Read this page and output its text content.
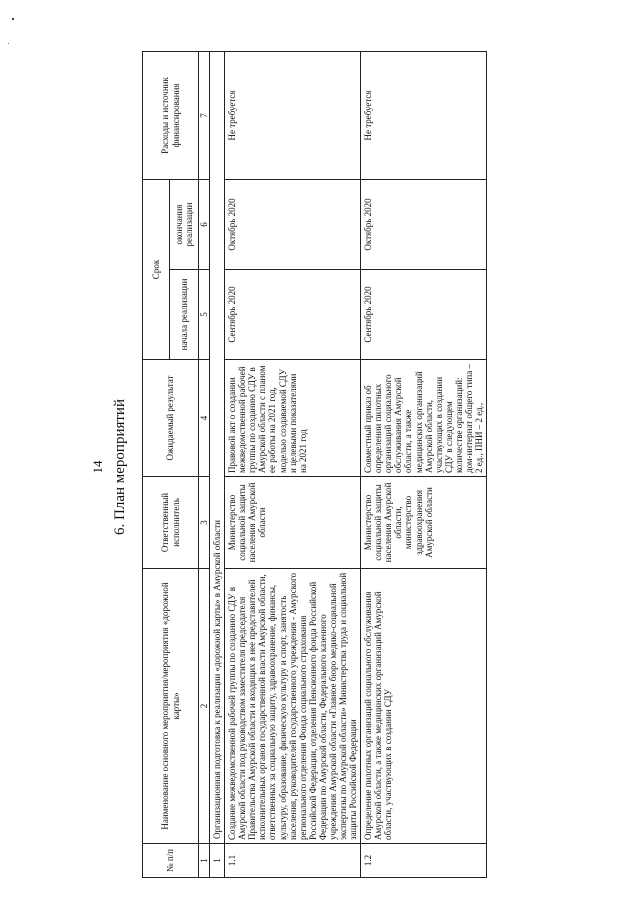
14 6. План мероприятий
№ п/п	Наименование основного мероприятия/мероприятия «дорожной карты»	Ответственный исполнитель	Ожидаемый результат	Срок		Расходы и источник финансирования
				начала реализации	окончания реализации	
1	2	3	4	5	6	7
1	Организационная подготовка к реализации «дорожной карты» в Амурской области					
1.1	Создание межведомственной рабочей группы по созданию СДУ в Амурской области под руководством заместителя председателя Правительства Амурской области и входящих в нее представителей исполнительных органов государственной власти Амурской области, ответственных за социальную защиту, здравоохранение, финансы, культуру, образование, физическую культуру и спорт, занятость населения, руководителей государственного учреждения - Амурского регионального отделения Фонда социального страхования Российской Федерации, отделения Пенсионного фонда Российской Федерации по Амурской области, Федерального казенного учреждения Амурской области «Главное бюро медико-социальной экспертизы по Амурской области» Министерства труда и социальной защиты Российской Федерации	Министерство социальной защиты населения Амурской области	Правовой акт о создании межведомственной рабочей группы по созданию СДУ в Амурской области с планом ее работы на 2021 год, моделью создаваемой СДУ и целевыми показателями на 2021 год	Сентябрь 2020	Октябрь 2020	Не требуется
1.2	Определение пилотных организаций социального обслуживания Амурской области, а также медицинских организаций Амурской области, участвующих в создании СДУ	Министерство социальной защиты населения Амурской области, министерство здравоохранения Амурской области	Совместный приказ об определении пилотных организаций социального обслуживания Амурской области, а также медицинских организаций Амурской области, участвующих в создании СДУ в следующем количестве организаций: дом-интернат общего типа – 2 ед., ПНИ – 2 ед.,	Сентябрь 2020	Октябрь 2020	Не требуется
